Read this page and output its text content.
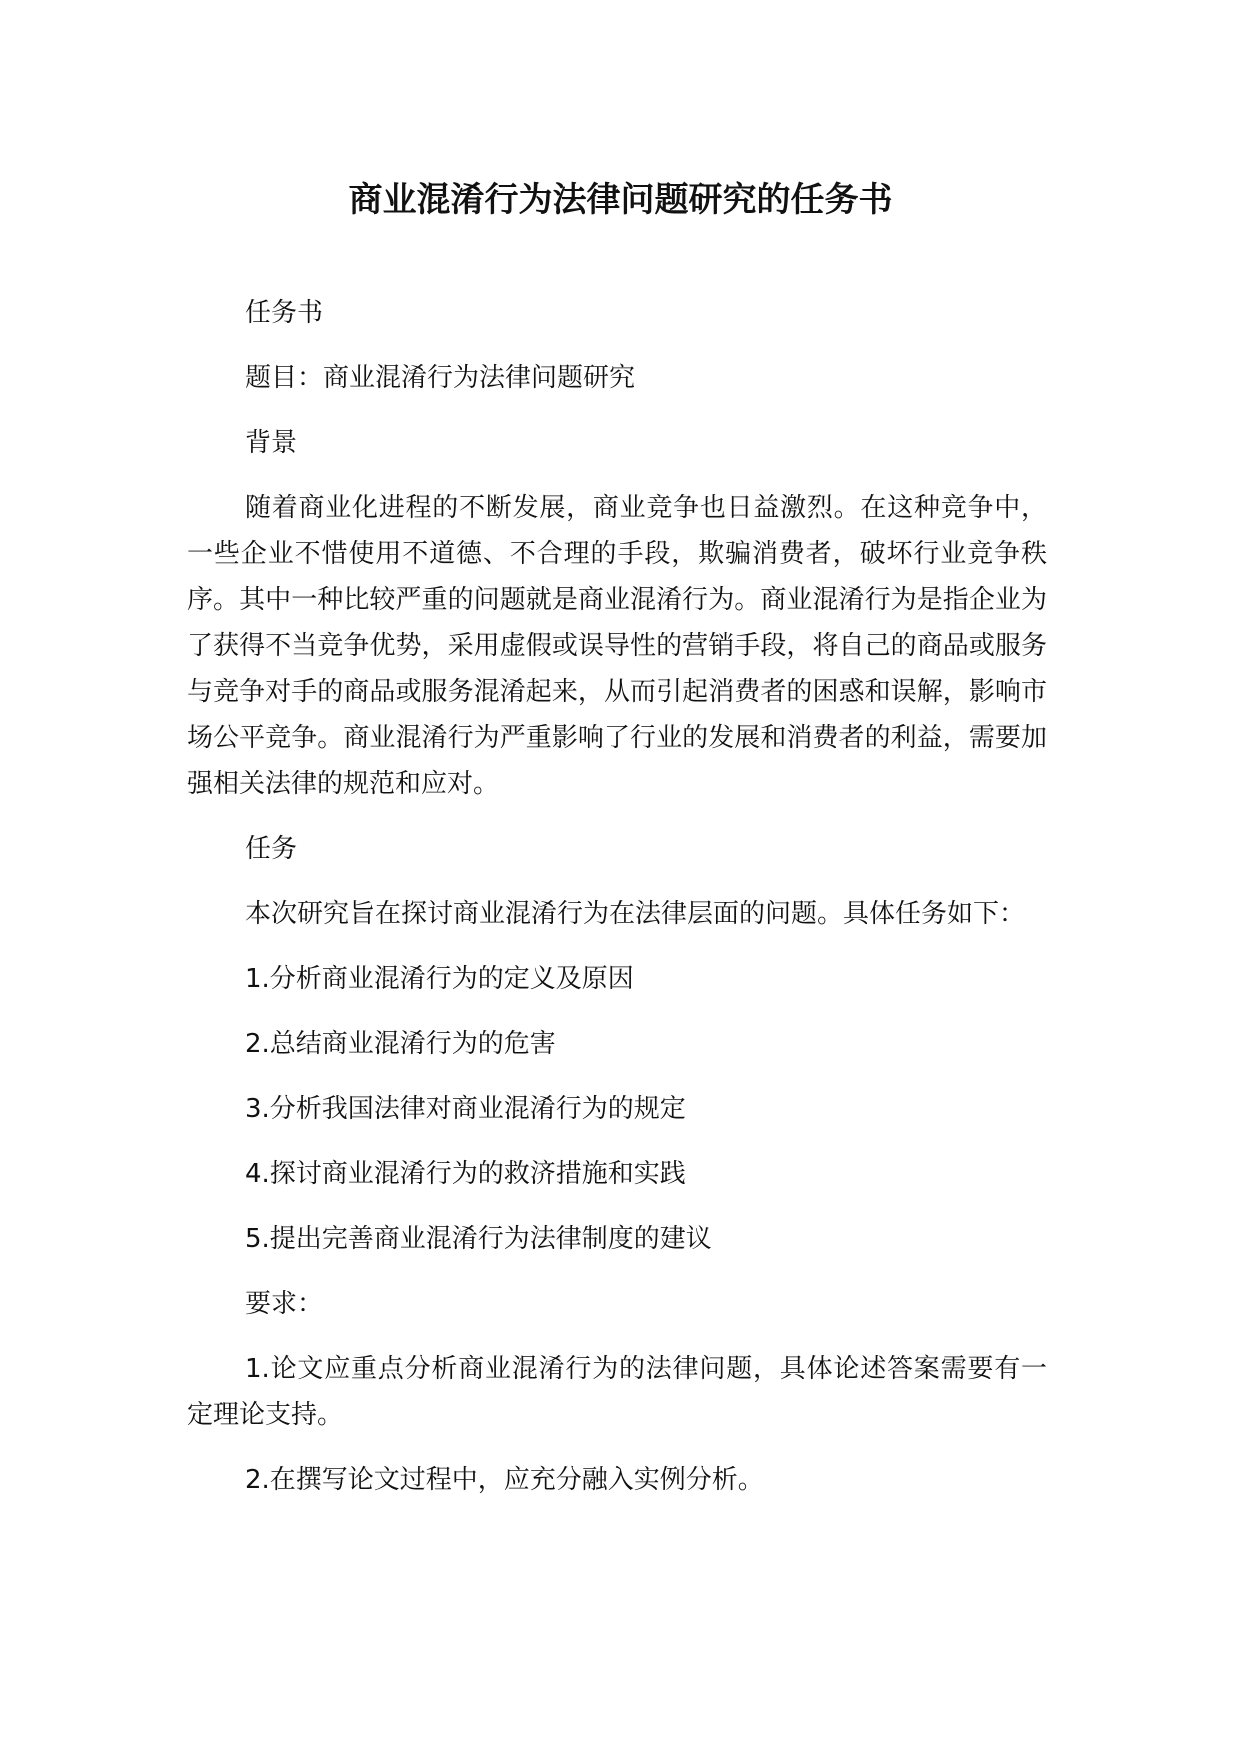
商业混淆行为法律问题研究的任务书

任务书

题目：商业混淆行为法律问题研究

背景

随着商业化进程的不断发展，商业竞争也日益激烈。在这种竞争中，一些企业不惜使用不道德、不合理的手段，欺骗消费者，破坏行业竞争秩序。其中一种比较严重的问题就是商业混淆行为。商业混淆行为是指企业为了获得不当竞争优势，采用虚假或误导性的营销手段，将自己的商品或服务与竞争对手的商品或服务混淆起来，从而引起消费者的困惑和误解，影响市场公平竞争。商业混淆行为严重影响了行业的发展和消费者的利益，需要加强相关法律的规范和应对。

任务

本次研究旨在探讨商业混淆行为在法律层面的问题。具体任务如下：

1.分析商业混淆行为的定义及原因

2.总结商业混淆行为的危害

3.分析我国法律对商业混淆行为的规定

4.探讨商业混淆行为的救济措施和实践

5.提出完善商业混淆行为法律制度的建议

要求：

1.论文应重点分析商业混淆行为的法律问题，具体论述答案需要有一定理论支持。

2.在撰写论文过程中，应充分融入实例分析。
